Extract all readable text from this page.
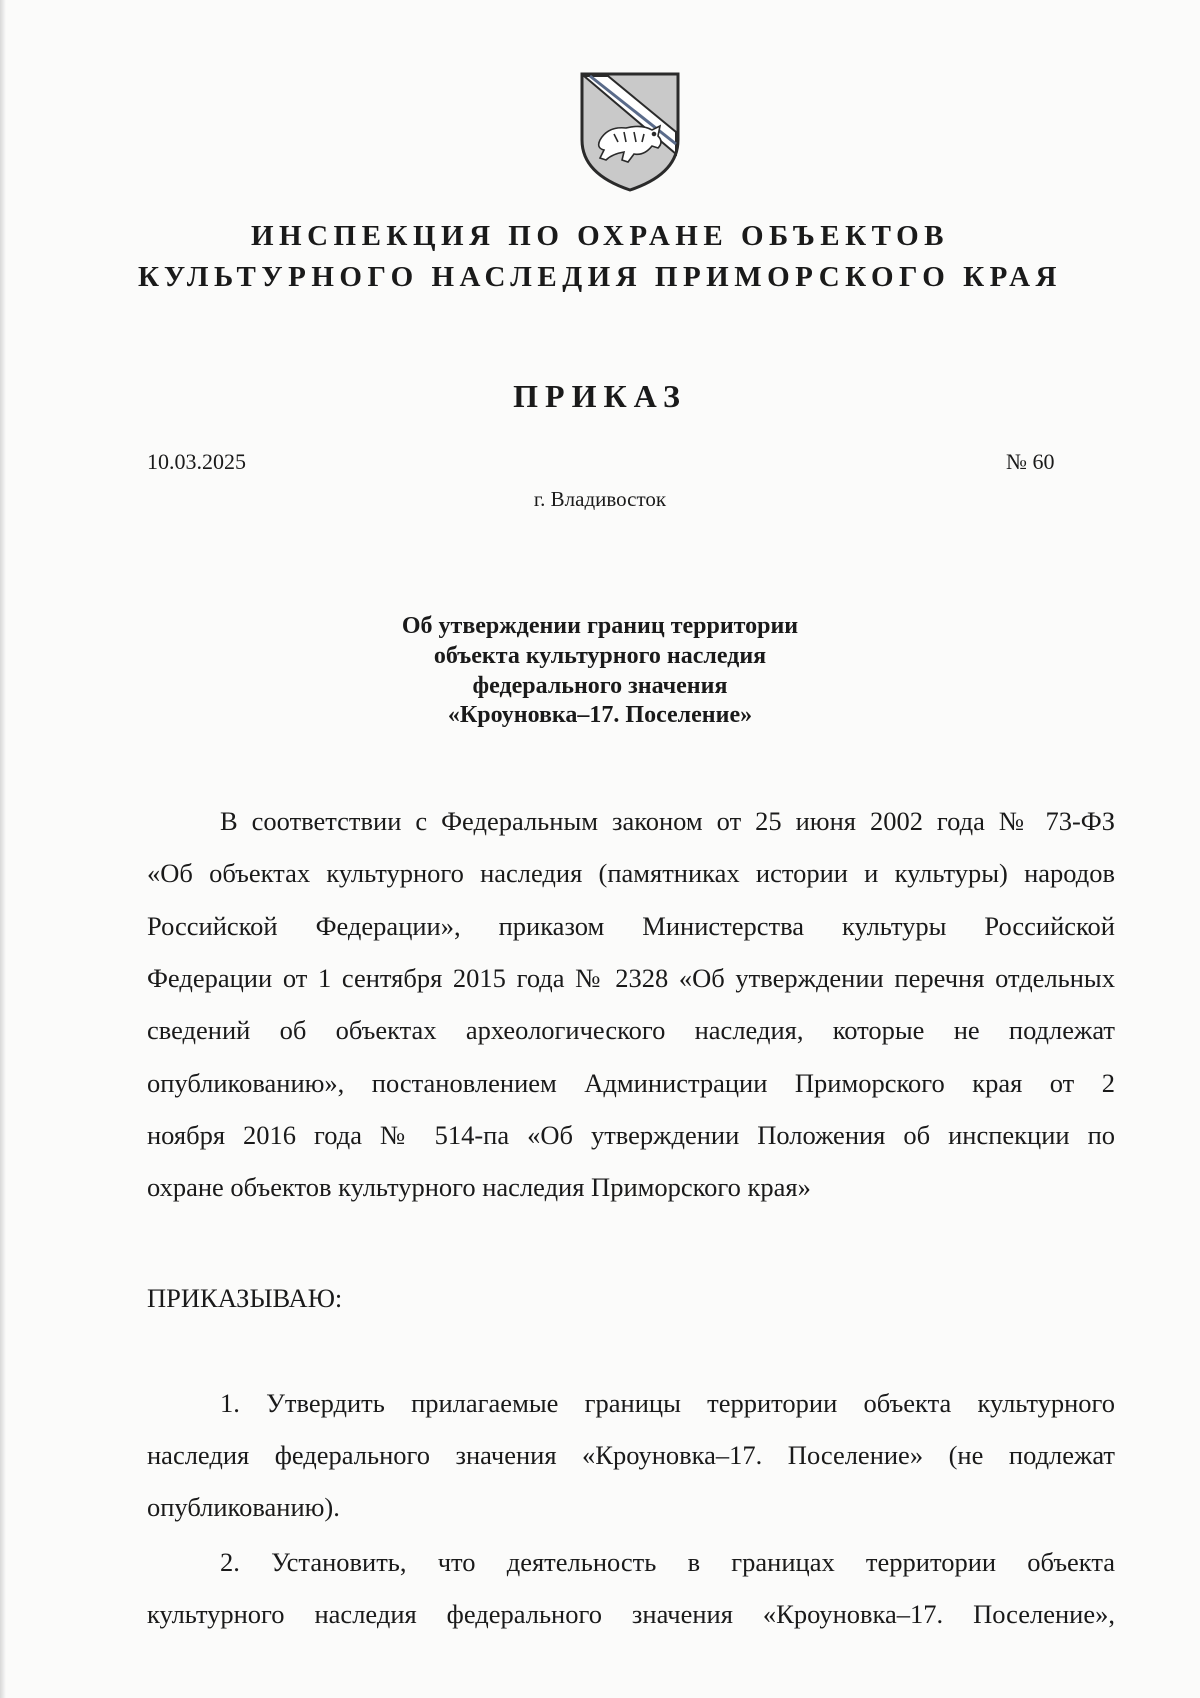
ИНСПЕКЦИЯ ПО ОХРАНЕ ОБЪЕКТОВ
КУЛЬТУРНОГО НАСЛЕДИЯ ПРИМОРСКОГО КРАЯ
ПРИКАЗ
10.03.2025	№ 60
г. Владивосток
Об утверждении границ территории
объекта культурного наследия
федерального значения
«Кроуновка–17. Поселение»
В соответствии с Федеральным законом от 25 июня 2002 года № 73-ФЗ
«Об объектах культурного наследия (памятниках истории и культуры) народов
Российской Федерации», приказом Министерства культуры Российской
Федерации от 1 сентября 2015 года № 2328 «Об утверждении перечня отдельных
сведений об объектах археологического наследия, которые не подлежат
опубликованию», постановлением Администрации Приморского края от 2
ноября 2016 года № 514-па «Об утверждении Положения об инспекции по
охране объектов культурного наследия Приморского края»
ПРИКАЗЫВАЮ:
1. Утвердить прилагаемые границы территории объекта культурного
наследия федерального значения «Кроуновка–17. Поселение» (не подлежат
опубликованию).
2. Установить, что деятельность в границах территории объекта
культурного наследия федерального значения «Кроуновка–17. Поселение»,
